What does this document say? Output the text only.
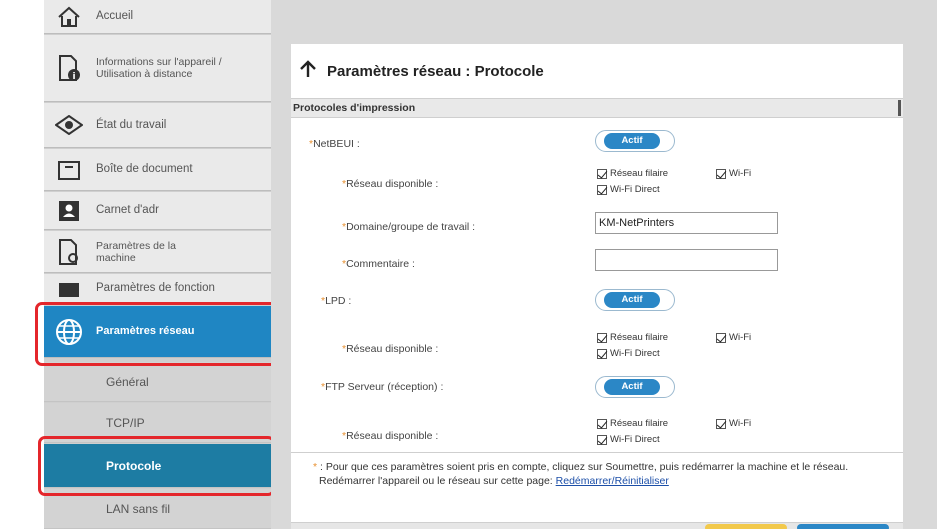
Accueil
i
Informations sur l'appareil / Utilisation à distance
État du travail
Boîte de document
Carnet d'adr
Paramètres de la machine
Paramètres de fonction
Paramètres réseau
Général
TCP/IP
Protocole
LAN sans fil
Paramètres réseau : Protocole
Protocoles d'impression
*NetBEUI :	Actif
*Réseau disponible :
Réseau filaire	Wi-Fi
Wi-Fi Direct
*Domaine/groupe de travail :	KM-NetPrinters
*Commentaire :
*LPD :	Actif
*Réseau disponible :
Réseau filaire	Wi-Fi
Wi-Fi Direct
*FTP Serveur (réception) :	Actif
*Réseau disponible :
Réseau filaire	Wi-Fi
Wi-Fi Direct
* : Pour que ces paramètres soient pris en compte, cliquez sur Soumettre, puis redémarrer la machine et le réseau.
Redémarrer l'appareil ou le réseau sur cette page: Redémarrer/Réinitialiser
